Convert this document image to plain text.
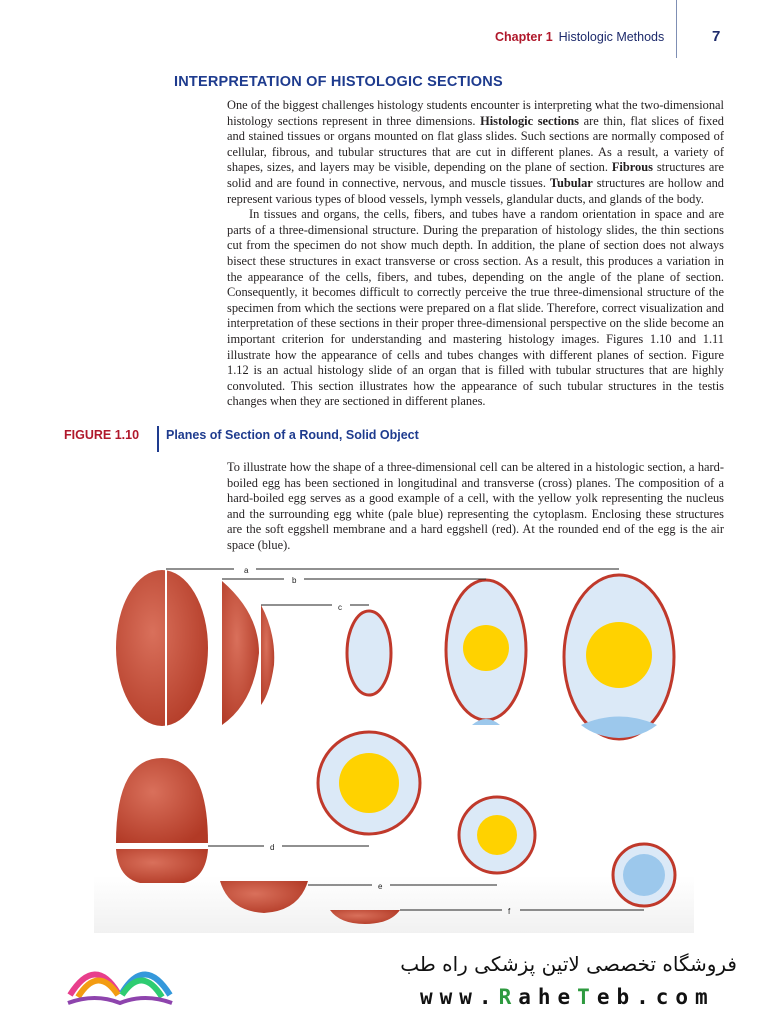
Chapter 1 Histologic Methods	7
INTERPRETATION OF HISTOLOGIC SECTIONS

One of the biggest challenges histology students encounter is interpreting what the two-dimensional histology sections represent in three dimensions. Histologic sections are thin, flat slices of fixed and stained tissues or organs mounted on flat glass slides. Such sections are normally composed of cellular, fibrous, and tubular structures that are cut in different planes. As a result, a variety of shapes, sizes, and layers may be visible, depending on the plane of section. Fibrous structures are solid and are found in connective, nervous, and muscle tissues. Tubular structures are hollow and represent various types of blood vessels, lymph vessels, glandular ducts, and glands of the body.

In tissues and organs, the cells, fibers, and tubes have a random orientation in space and are parts of a three-dimensional structure. During the preparation of histology slides, the thin sections cut from the specimen do not show much depth. In addition, the plane of section does not always bisect these structures in exact transverse or cross section. As a result, this produces a variation in the appearance of the cells, fibers, and tubes, depending on the angle of the plane of section. Consequently, it becomes difficult to correctly perceive the true three-dimensional structure of the specimen from which the sections were prepared on a flat slide. Therefore, correct visualization and interpretation of these sections in their proper three-dimensional perspective on the slide become an important criterion for understanding and mastering histology images. Figures 1.10 and 1.11 illustrate how the appearance of cells and tubes changes with different planes of section. Figure 1.12 is an actual histology slide of an organ that is filled with tubular structures that are highly convoluted. This section illustrates how the appearance of such tubular structures in the testis changes when they are sectioned in different planes.

FIGURE 1.10 Planes of Section of a Round, Solid Object
To illustrate how the shape of a three-dimensional cell can be altered in a histologic section, a hard-boiled egg has been sectioned in longitudinal and transverse (cross) planes. The composition of a hard-boiled egg serves as a good example of a cell, with the yellow yolk representing the nucleus and the surrounding egg white (pale blue) representing the cytoplasm. Enclosing these structures are the soft eggshell membrane and a hard eggshell (red). At the rounded end of the egg is the air space (blue).
a
b
c
d
e
f
فروشگاه تخصصی لاتین پزشکی راه طب
www.RaheTeb.com
